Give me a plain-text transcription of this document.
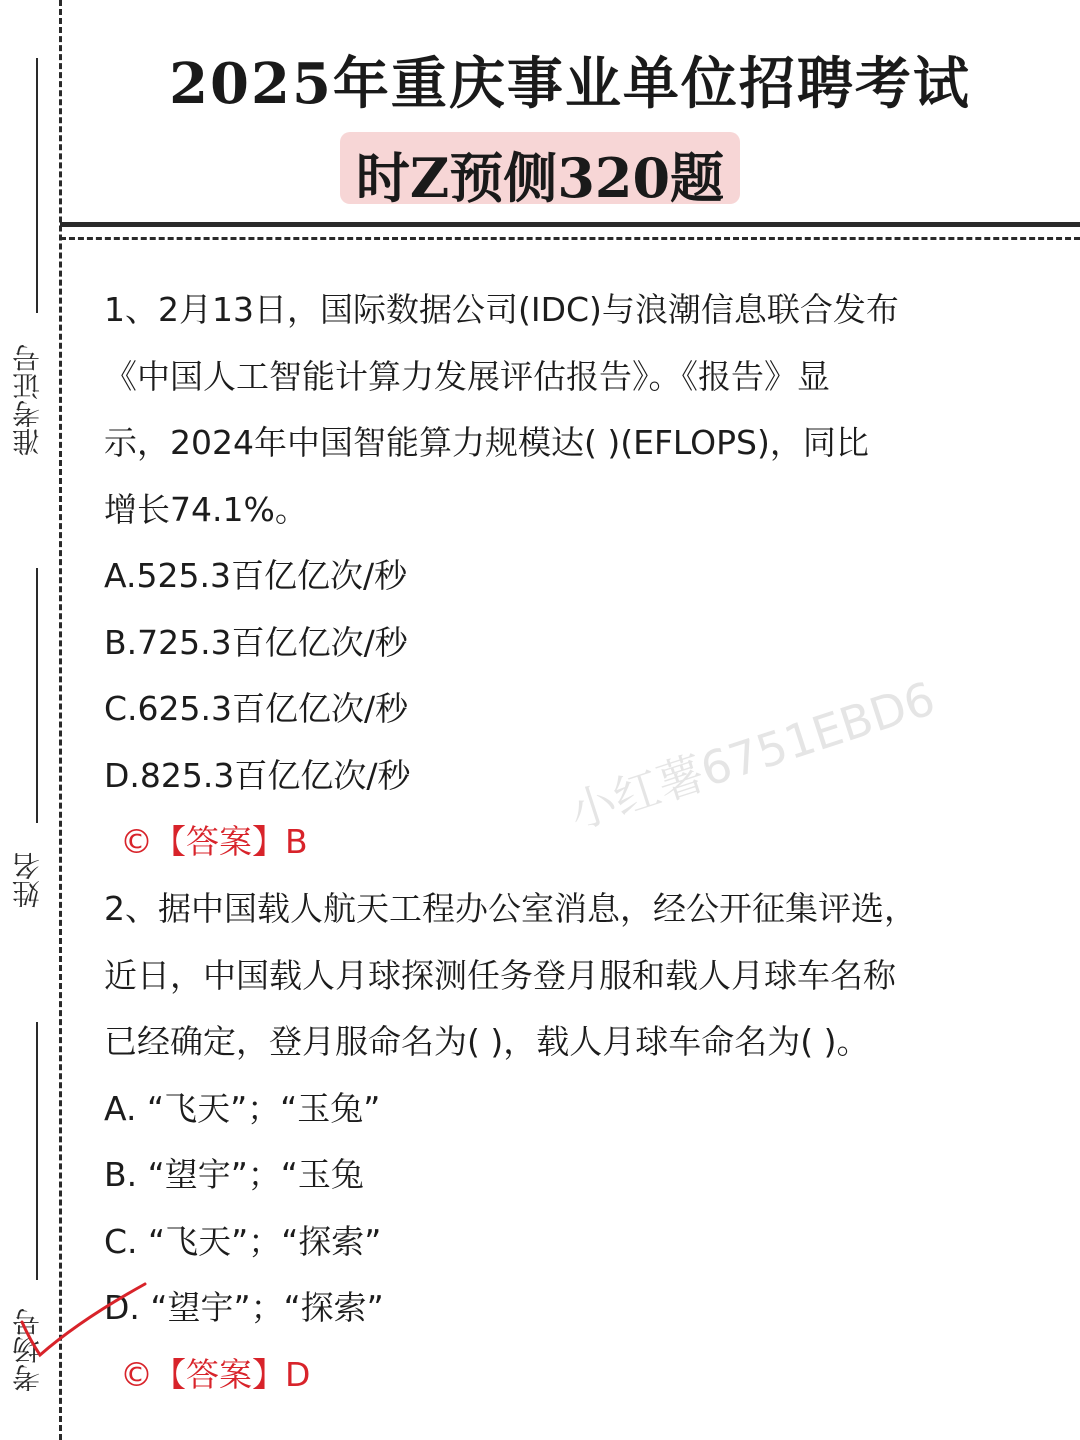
准考证号
姓名
考场号
2025年重庆事业单位招聘考试
时Z预侧320题
1、2月13日，国际数据公司(IDC)与浪潮信息联合发布
《中国人工智能计算力发展评估报告》。《报告》显
示，2024年中国智能算力规模达( )(EFLOPS)，同比
增长74.1%。
A.525.3百亿亿次/秒
B.725.3百亿亿次/秒
C.625.3百亿亿次/秒
D.825.3百亿亿次/秒
©【答案】B
小红薯6751EBD6
2、据中国载人航天工程办公室消息，经公开征集评选，
近日，中国载人月球探测任务登月服和载人月球车名称
已经确定，登月服命名为( )，载人月球车命名为( )。
A. “飞天”；“玉兔”
B. “望宇”；“玉兔
C. “飞天”；“探索”
D. “望宇”；“探索”
©【答案】D
